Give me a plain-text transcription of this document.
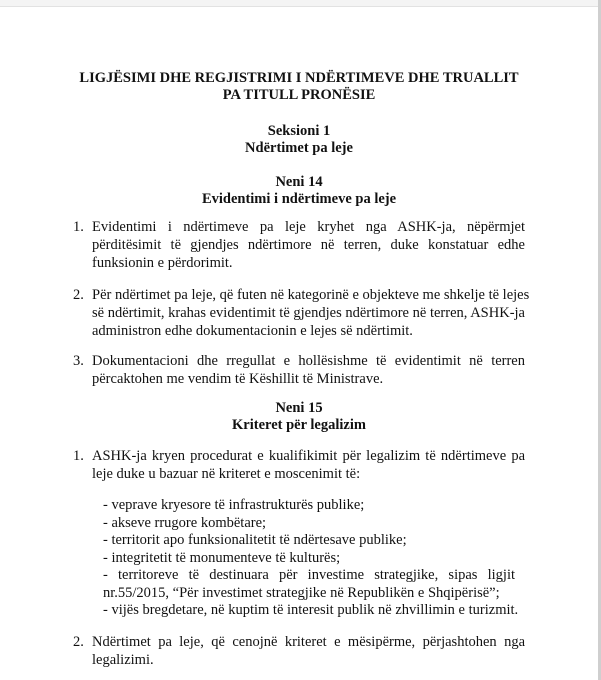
LIGJËSIMI DHE REGJISTRIMI I NDËRTIMEVE DHE TRUALLIT
PA TITULL PRONËSIE
Seksioni 1
Ndërtimet pa leje
Neni 14
Evidentimi i ndërtimeve pa leje
1. Evidentimi i ndërtimeve pa leje kryhet nga ASHK-ja, nëpërmjet
përditësimit të gjendjes ndërtimore në terren, duke konstatuar edhe
funksionin e përdorimit.
2. Për ndërtimet pa leje, që futen në kategorinë e objekteve me shkelje të lejes
së ndërtimit, krahas evidentimit të gjendjes ndërtimore në terren, ASHK-ja
administron edhe dokumentacionin e lejes së ndërtimit.
3. Dokumentacioni dhe rregullat e hollësishme të evidentimit në terren
përcaktohen me vendim të Këshillit të Ministrave.
Neni 15
Kriteret për legalizim
1. ASHK-ja kryen procedurat e kualifikimit për legalizim të ndërtimeve pa
leje duke u bazuar në kriteret e moscenimit të:
- veprave kryesore të infrastrukturës publike;
- akseve rrugore kombëtare;
- territorit apo funksionalitetit të ndërtesave publike;
- integritetit të monumenteve të kulturës;
- territoreve të destinuara për investime strategjike, sipas ligjit
nr.55/2015, “Për investimet strategjike në Republikën e Shqipërisë”;
- vijës bregdetare, në kuptim të interesit publik në zhvillimin e turizmit.
2. Ndërtimet pa leje, që cenojnë kriteret e mësipërme, përjashtohen nga
legalizimi.
